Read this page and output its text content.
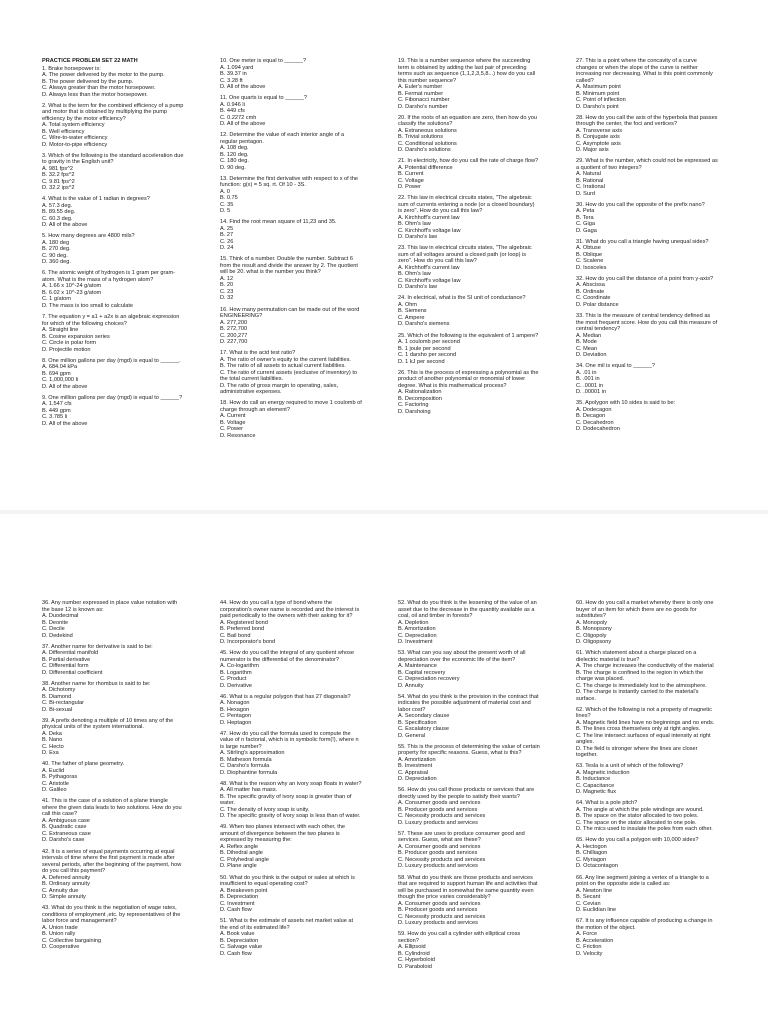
PRACTICE PROBLEM SET 22 MATH
1. Brake horsepower is:
A. The power delivered by the motor to the pump.
B. The power delivered by the pump.
C. Always greater than the motor horsepower.
D. Always less than the motor horsepower.
2. What is the term for the combined efficiency of a pump and motor that is obtained by multiplying the pump efficiency by the motor efficiency?
A. Total system efficiency
B. Well efficiency
C. Wire-to-water efficiency
D. Motor-to-pipe efficiency
3. Which of the following is the standard acceleration due to gravity in the English unit?
A. 981 fps^2
B. 32.2 fps^2
C. 9.81 fps^2
D. 32.2 ips^2
4. What is the value of 1 radian in degrees?
A. 57.3 deg.
B. 89.55 deg.
C. 60.3 deg.
D. All of the above
5. How many degrees are 4800 mils?
A. 180 deg
B. 270 deg.
C. 90 deg.
D. 360 deg.
6. The atomic weight of hydrogen is 1 gram per gram-atom. What is the mass of a hydrogen atom?
A. 1.66 x 10^-24 g/atom
B. 6.02 x 10^-23 g/atom
C. 1 g/atom
D. The mass is too small to calculate
7. The equation y = a1 + a2x is an algebraic expression for which of the following choices?
A. Straight line
B. Cosine expansion series
C. Circle in polar form
D. Projectile motion
8. One million gallons per day (mgd) is equal to ______.
A. 684.04 kPa
B. 694 gpm
C. 1,000,000 li
D. All of the above
9. One million gallons per day (mgd) is equal to ______?
A. 1.547 cfs
B. 449 gpm
C. 3.785 li
D. All of the above
10. One meter is equal to ______?
A. 1.094 yard
B. 39.37 in
C. 3.28 ft
D. All of the above
11. One quarts is equal to ______?
A. 0.946 li
B. 449 cfs
C. 0.2272 cmh
D. All of the above
12. Determine the value of each interior angle of a regular pentagon.
A. 108 deg.
B. 120 deg.
C. 180 deg.
D. 90 deg.
13. Determine the first derivative with respect to x of the function: g(x) = 5 sq. rt. Of 10 - 3S.
A. 0
B. 0.75
C. 35
D. 5
14. Find the root mean square of 11,23 and 35.
A. 25
B. 27
C. 26
D. 24
15. Think of a number. Double the number. Subtract 6 from the result and divide the answer by 2. The quotient will be 20. what is the number you think?
A. 12
B. 20
C. 23
D. 32
16. How many permutation can be made out of the word ENGINEERING?
A. 277,200
B. 272,700
C. 200,277
D. 227,700
17. What is the acid test ratio?
A. The ratio of owner's equity to the current liabilities.
B. The ratio of all assets to actual current liabilities.
C. The ratio of current assets (exclusive of inventory) to the total current liabilities.
D. The ratio of gross margin to operating, sales, administrative expenses.
18. How do call an energy required to move 1 coulomb of charge through an element?
A. Current
B. Voltage
C. Power
D. Resonance
19. This is a number sequence where the succeeding term is obtained by adding the last pair of preceding terms such as sequence (1,1,2,3,5,8...) how do you call this number sequence?
A. Euler's number
B. Fermat number
C. Fibonacci number
D. Darsho's number
20. If the roots of an equation are zero, then how do you classify the solutions?
A. Extraneous solutions
B. Trivial solutions
C. Conditional solutions
D. Darsho's solutions
21. In electricity, how do you call the rate of charge flow?
A. Potential difference
B. Current
C. Voltage
D. Power
22. This law in electrical circuits states, "The algebraic sum of currents entering a node (or a closed boundary) is zero". How do you call this law?
A. Kirchhoff's current law
B. Ohm's law
C. Kirchhoff's voltage law
D. Darsho's law
23. This law in electrical circuits states, "The algebraic sum of all voltages around a closed path (or loop) is zero". How do you call this law?
A. Kirchhoff's current law
B. Ohm's law
C. Kirchhoff's voltage law
D. Darsho's law
24. In electrical, what is the SI unit of conductance?
A. Ohm
B. Siemens
C. Ampere
D. Darsho's siemens
25. Which of the following is the equivalent of 1 ampere?
A. 1 coulomb per second
B. 1 joule per second
C. 1 darsho per second
D. 1 kJ per second
26. This is the process of expressing a polynomial as the product of another polynomial or monomial of lower degree. What is this mathematical process?
A. Rationalization
B. Decomposition
C. Factoring
D. Darshoing
27. This is a point where the concavity of a curve changes or when the slope of the curve is neither increasing nor decreasing. What is this point commonly called?
A. Maximum point
B. Minimum point
C. Point of inflection
D. Darsho's point
28. How do you call the axis of the hyperbola that passes through the center, the foci and vertices?
A. Transverse axis
B. Conjugate axis
C. Asymptote axis
D. Major axis
29. What is the number, which could not be expressed as a quotient of two integers?
A. Natural
B. Rational
C. Irrational
D. Surd
30. How do you call the opposite of the prefix nano?
A. Peta
B. Tera
C. Giga
D. Gaga
31. What do you call a triangle having unequal sides?
A. Obtuse
B. Oblique
C. Scalene
D. Isosceles
32. How do you call the distance of a point from y-axis?
A. Abscissa
B. Ordinate
C. Coordinate
D. Polar distance
33. This is the measure of central tendency defined as the most frequent score. How do you call this measure of central tendency?
A. Median
B. Mode
C. Mean
D. Deviation
34. One mil is equal to ______?
A. .01 in
B. .001 in
C. .0001 in
D. .00001 in
35. Apolygon with 10 sides is said to be:
A. Dodecagon
B. Decagon
C. Decahedron
D. Dodecahedron
36. Any number expressed in place value notation with the base 12 is known as:
A. Duodecimal
B. Deonite
C. Decile
D. Dedekind
37. Another name for derivative is said to be:
A. Differential manifold
B. Partial derivative
C. Differential form
D. Differential coefficient
38. Another name for rhombus is said to be:
A. Dichotomy
B. Diamond
C. Bi-rectangular
D. Bi-sexual
39. A prefix denoting a multiple of 10 times any of the physical units of the system international.
A. Deka
B. Nano
C. Hecto
D. Exa
40. The father of plane geometry.
A. Euclid
B. Pythagoras
C. Aristotle
D. Galileo
41. This is the case of a solution of a plane triangle where the given data leads to two solutions. How do you call this case?
A. Ambiguous case
B. Quadratic case
C. Extraneous case
D. Darsho's case
42. It is a series of equal payments occurring at equal intervals of time where the first payment is made after several periods, after the beginning of the payment, how do you call this payment?
A. Deferred annuity
B. Ordinary annuity
C. Annuity due
D. Simple annuity
43. What do you think is the negotiation of wage rates, conditions of employment ,etc. by representatives of the labor force and management?
A. Union trade
B. Union rally
C. Collective bargaining
D. Cooperative
44. How do you call a type of bond where the corporation's owner name is recorded and the interest is paid periodically to the owners with their asking for it?
A. Registered bond
B. Preferred bond
C. Bail bond
D. Incorporator's bond
45. How do you call the integral of any quotient whose numerator is the differential of the denominator?
A. Co-logarithm
B. Logarithm
C. Product
D. Derivative
46. What is a regular polygon that has 27 diagonals?
A. Nonagon
B. Hexagon
C. Pentagon
D. Heptagon
47. How do you call the formula used to compute the value of n factorial, which is in symbolic form(!), where n is large number?
A. Stirling's approximation
B. Matheson formula
C. Darsho's formula
D. Diophantine formula
48. What is the reason why an ivory soap floats in water?
A. All matter has mass.
B. The specific gravity of ivory soap is greater than of water.
C. The density of ivory soap is unity.
D. The specific gravity of ivory soap is less than of water.
49. When two planes intersect with each other, the amount of divergence between the two planes is expressed by measuring the:
A. Reflex angle
B. Dihedral angle
C. Polyhedral angle
D. Plane angle
50. What do you think is the output or sales at which is insufficient to equal operating cost?
A. Breakeven point
B. Depreciation
C. Investment
D. Cash flow
51. What is the estimate of assets net market value at the end of its estimated life?
A. Book value
B. Depreciation
C. Salvage value
D. Cash flow
52. What do you think is the lessening of the value of an asset due to the decrease in the quantity available as a coal, oil and timber in forests?
A. Depletion
B. Amortization
C. Depreciation
D. Investment
53. What can you say about the present worth of all depreciation over the economic life of the item?
A. Maintenance
B. Capital recovery
C. Depreciation recovery
D. Annuity
54. What do you think is the provision in the contract that indicates the possible adjustment of material cost and labor cost?
A. Secondary clause
B. Specification
C. Escalatory clause
D. General
55. This is the process of determining the value of certain property for specific reasons. Guess, what is this?
A. Amortization
B. Investment
C. Appraisal
D. Depreciation
56. How do you call those products or services that are directly used by the people to satisfy their wants?
A. Consumer goods and services
B. Producer goods and services
C. Necessity products and services
D. Luxury products and services
57. These are uses to produce consumer good and services. Guess, what are these?
A. Consumer goods and services
B. Producer goods and services
C. Necessity products and services
D. Luxury products and services
58. What do you think are those products and services that are required to support human life and activities that will be purchased in somewhat the same quantity even though the price varies considerably?
A. Consumer goods and services
B. Producer goods and services
C. Necessity products and services
D. Luxury products and services
59. How do you call a cylinder with elliptical cross section?
A. Ellipsoid
B. Cylindroid
C. Hyperboloid
D. Paraboloid
60. How do you call a market whereby there is only one buyer of an item for which there are no goods for substitutes?
A. Monopoly
B. Monopsony
C. Oligopoly
D. Oligopsony
61. Which statement about a charge placed on a dielectric material is true?
A. The charge increases the conductivity of the material
B. The charge is confined to the region in which the charge was placed.
C. The charge is immediately lost to the atmosphere.
D. The charge is instantly carried to the material's surface.
62. Which of the following is not a property of magnetic lines?
A. Magnetic field lines have no beginnings and no ends.
B. The lines cross themselves only at right angles.
C. The line intersect surfaces of equal intensity at right angles.
D. The field is stronger where the lines are closer together.
63. Tesla is a unit of which of the following?
A. Magnetic induction
B. Inductance
C. Capacitance
D. Magnetic flux
64. What is a pole pitch?
A. The angle at which the pole windings are wound.
B. The space on the stator allocated to two poles.
C. The space on the stator allocated to one pole.
D. The mics used to insulate the poles from each other.
65. How do you call a polygon with 10,000 sides?
A. Hectogon
B. Chilliagon
C. Myriagon
D. Octacontagon
66. Any line segment joining a vertex of a triangle to a point on the opposite side is called as:
A. Newton line
B. Secant
C. Cevian
D. Euclidian line
67. It is any influence capable of producing a change in the motion of the object.
A. Force
B. Acceleration
C. Friction
D. Velocity
